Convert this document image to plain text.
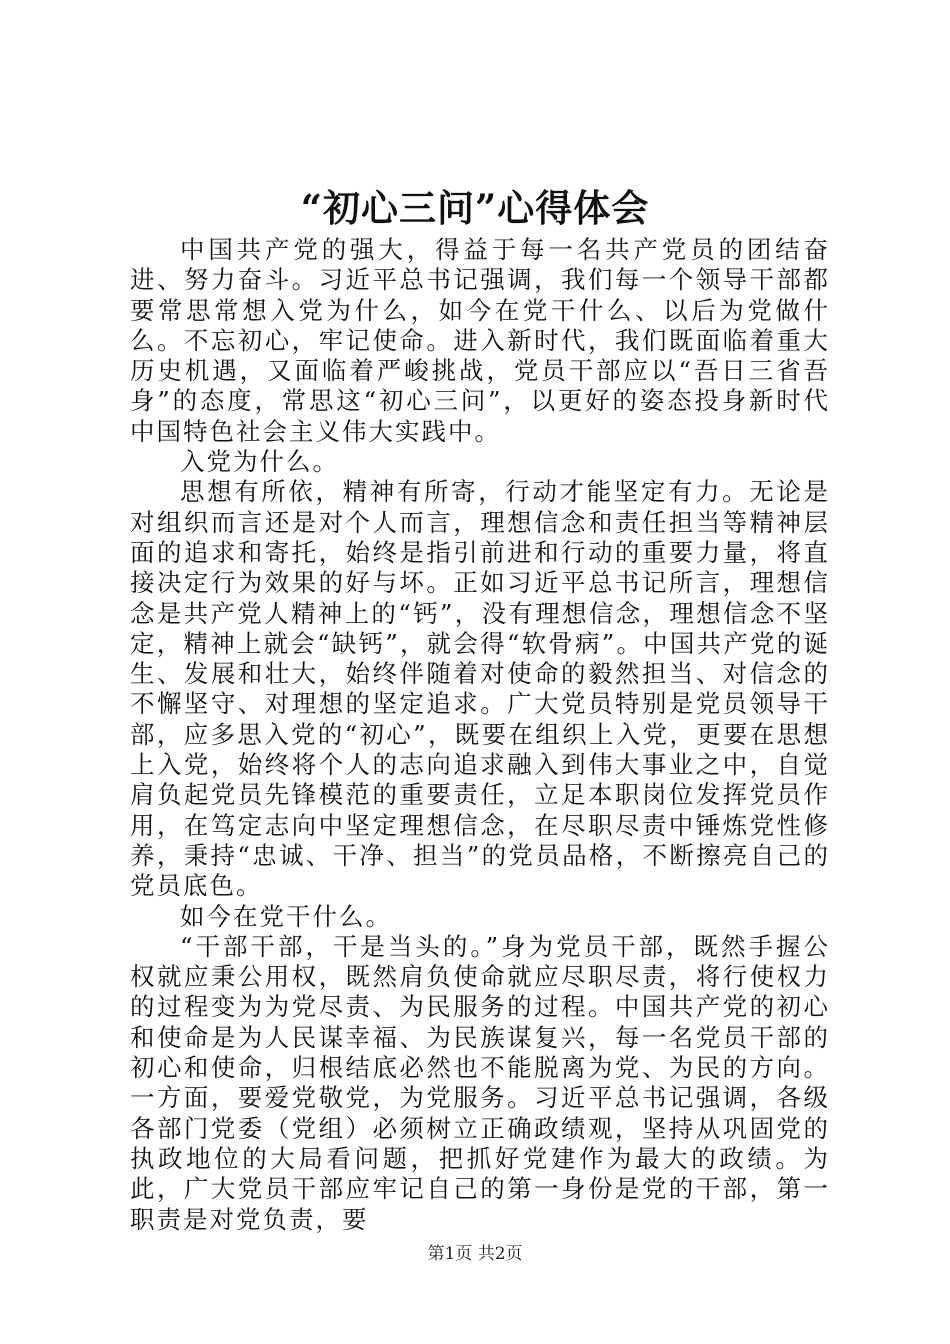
“初心三问”心得体会

中国共产党的强大，得益于每一名共产党员的团结奋进、努力奋斗。习近平总书记强调，我们每一个领导干部都要常思常想入党为什么，如今在党干什么、以后为党做什么。不忘初心，牢记使命。进入新时代，我们既面临着重大历史机遇，又面临着严峻挑战，党员干部应以“吾日三省吾身”的态度，常思这“初心三问”，以更好的姿态投身新时代中国特色社会主义伟大实践中。

入党为什么。

思想有所依，精神有所寄，行动才能坚定有力。无论是对组织而言还是对个人而言，理想信念和责任担当等精神层面的追求和寄托，始终是指引前进和行动的重要力量，将直接决定行为效果的好与坏。正如习近平总书记所言，理想信念是共产党人精神上的“钙”，没有理想信念，理想信念不坚定，精神上就会“缺钙”，就会得“软骨病”。中国共产党的诞生、发展和壮大，始终伴随着对使命的毅然担当、对信念的不懈坚守、对理想的坚定追求。广大党员特别是党员领导干部，应多思入党的“初心”，既要在组织上入党，更要在思想上入党，始终将个人的志向追求融入到伟大事业之中，自觉肩负起党员先锋模范的重要责任，立足本职岗位发挥党员作用，在笃定志向中坚定理想信念，在尽职尽责中锤炼党性修养，秉持“忠诚、干净、担当”的党员品格，不断擦亮自己的党员底色。

如今在党干什么。

“干部干部，干是当头的。”身为党员干部，既然手握公权就应秉公用权，既然肩负使命就应尽职尽责，将行使权力的过程变为为党尽责、为民服务的过程。中国共产党的初心和使命是为人民谋幸福、为民族谋复兴，每一名党员干部的初心和使命，归根结底必然也不能脱离为党、为民的方向。一方面，要爱党敬党，为党服务。习近平总书记强调，各级各部门党委（党组）必须树立正确政绩观，坚持从巩固党的执政地位的大局看问题，把抓好党建作为最大的政绩。为此，广大党员干部应牢记自己的第一身份是党的干部，第一职责是对党负责，要

第1页 共2页
